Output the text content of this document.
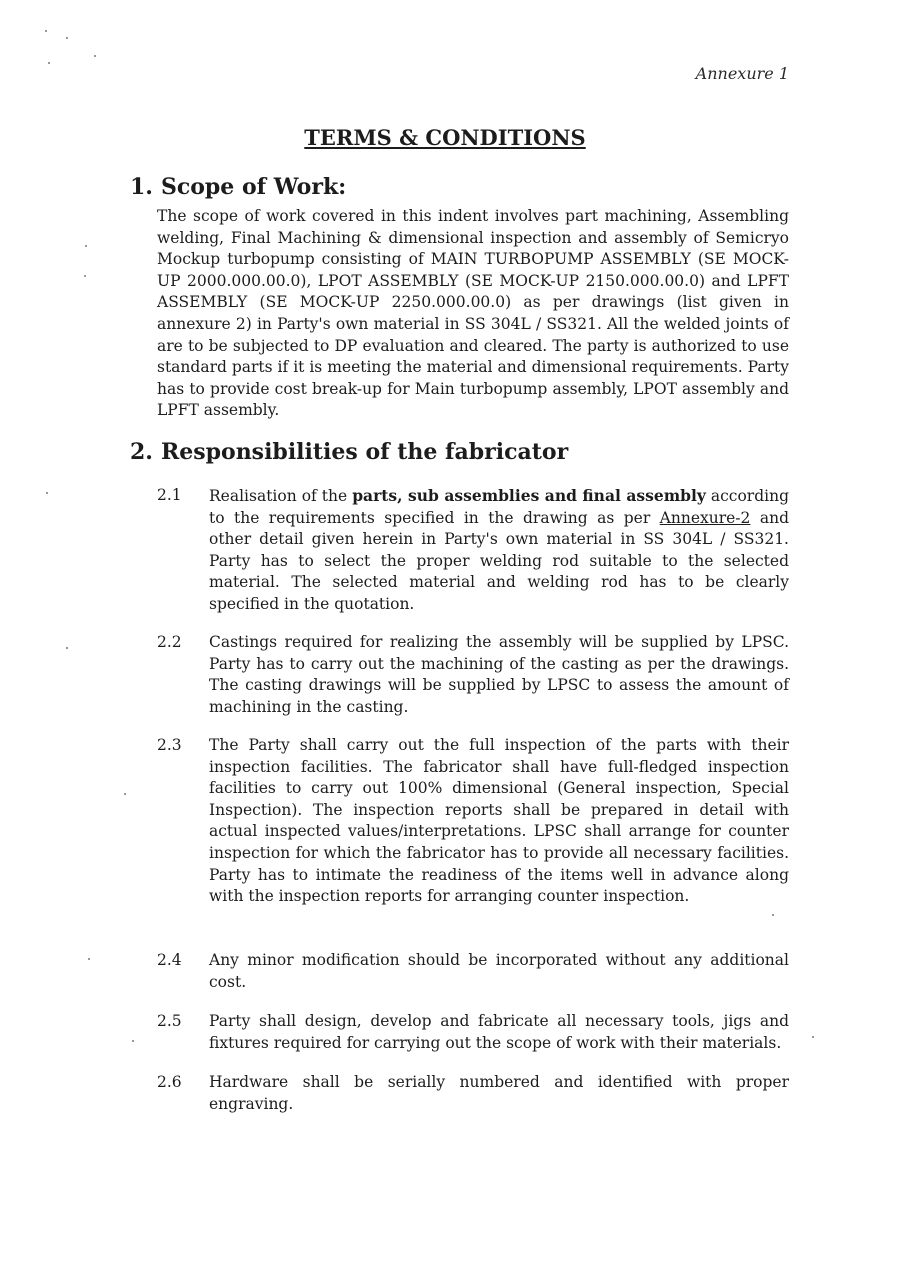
Annexure 1
TERMS & CONDITIONS
1. Scope of Work:
The scope of work covered in this indent involves part machining, Assembling welding, Final Machining & dimensional inspection and assembly of Semicryo Mockup turbopump consisting of MAIN TURBOPUMP ASSEMBLY (SE MOCK-UP 2000.000.00.0), LPOT ASSEMBLY (SE MOCK-UP 2150.000.00.0) and LPFT ASSEMBLY (SE MOCK-UP 2250.000.00.0) as per drawings (list given in annexure 2) in Party's own material in SS 304L / SS321. All the welded joints of are to be subjected to DP evaluation and cleared. The party is authorized to use standard parts if it is meeting the material and dimensional requirements. Party has to provide cost break-up for Main turbopump assembly, LPOT assembly and LPFT assembly.
2. Responsibilities of the fabricator
2.1 Realisation of the parts, sub assemblies and final assembly according to the requirements specified in the drawing as per Annexure-2 and other detail given herein in Party's own material in SS 304L / SS321. Party has to select the proper welding rod suitable to the selected material. The selected material and welding rod has to be clearly specified in the quotation.
2.2 Castings required for realizing the assembly will be supplied by LPSC. Party has to carry out the machining of the casting as per the drawings. The casting drawings will be supplied by LPSC to assess the amount of machining in the casting.
2.3 The Party shall carry out the full inspection of the parts with their inspection facilities. The fabricator shall have full-fledged inspection facilities to carry out 100% dimensional (General inspection, Special Inspection). The inspection reports shall be prepared in detail with actual inspected values/interpretations. LPSC shall arrange for counter inspection for which the fabricator has to provide all necessary facilities. Party has to intimate the readiness of the items well in advance along with the inspection reports for arranging counter inspection.
2.4 Any minor modification should be incorporated without any additional cost.
2.5 Party shall design, develop and fabricate all necessary tools, jigs and fixtures required for carrying out the scope of work with their materials.
2.6 Hardware shall be serially numbered and identified with proper engraving.
